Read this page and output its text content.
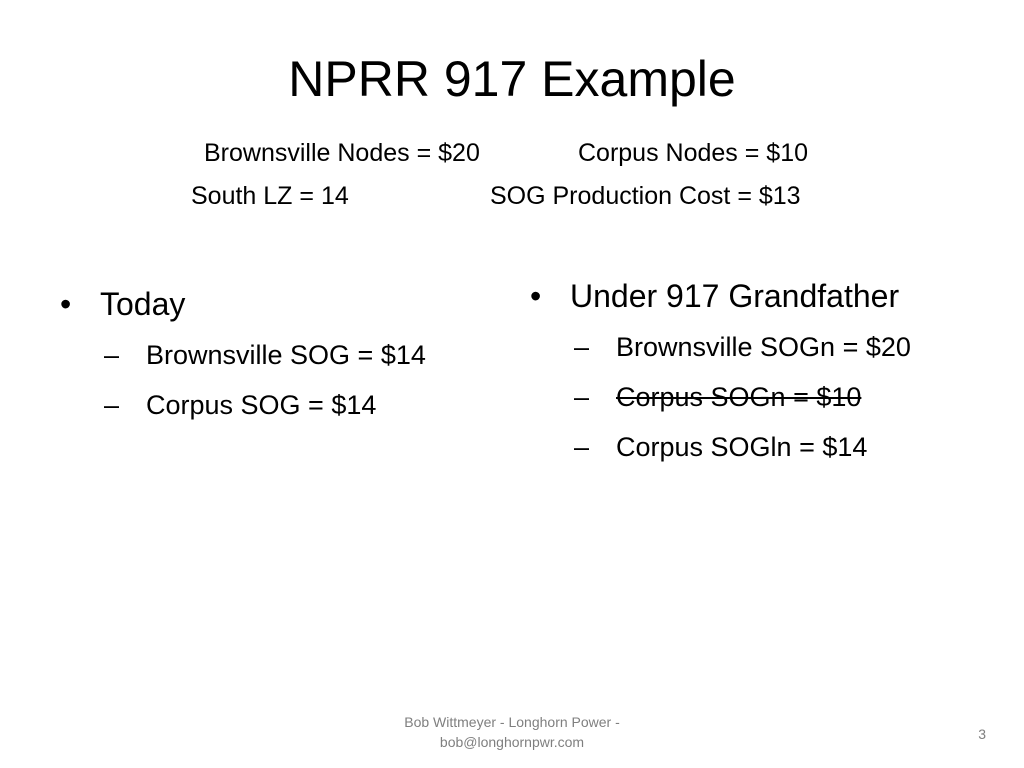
NPRR 917 Example
Brownsville Nodes = $20	Corpus Nodes = $10
South LZ = 14	SOG Production Cost = $13
• Today
– Brownsville SOG = $14
– Corpus SOG = $14
• Under 917 Grandfather
– Brownsville SOGn = $20
– Corpus SOGn = $10
– Corpus SOGln = $14
Bob Wittmeyer - Longhorn Power -
bob@longhornpwr.com	3
